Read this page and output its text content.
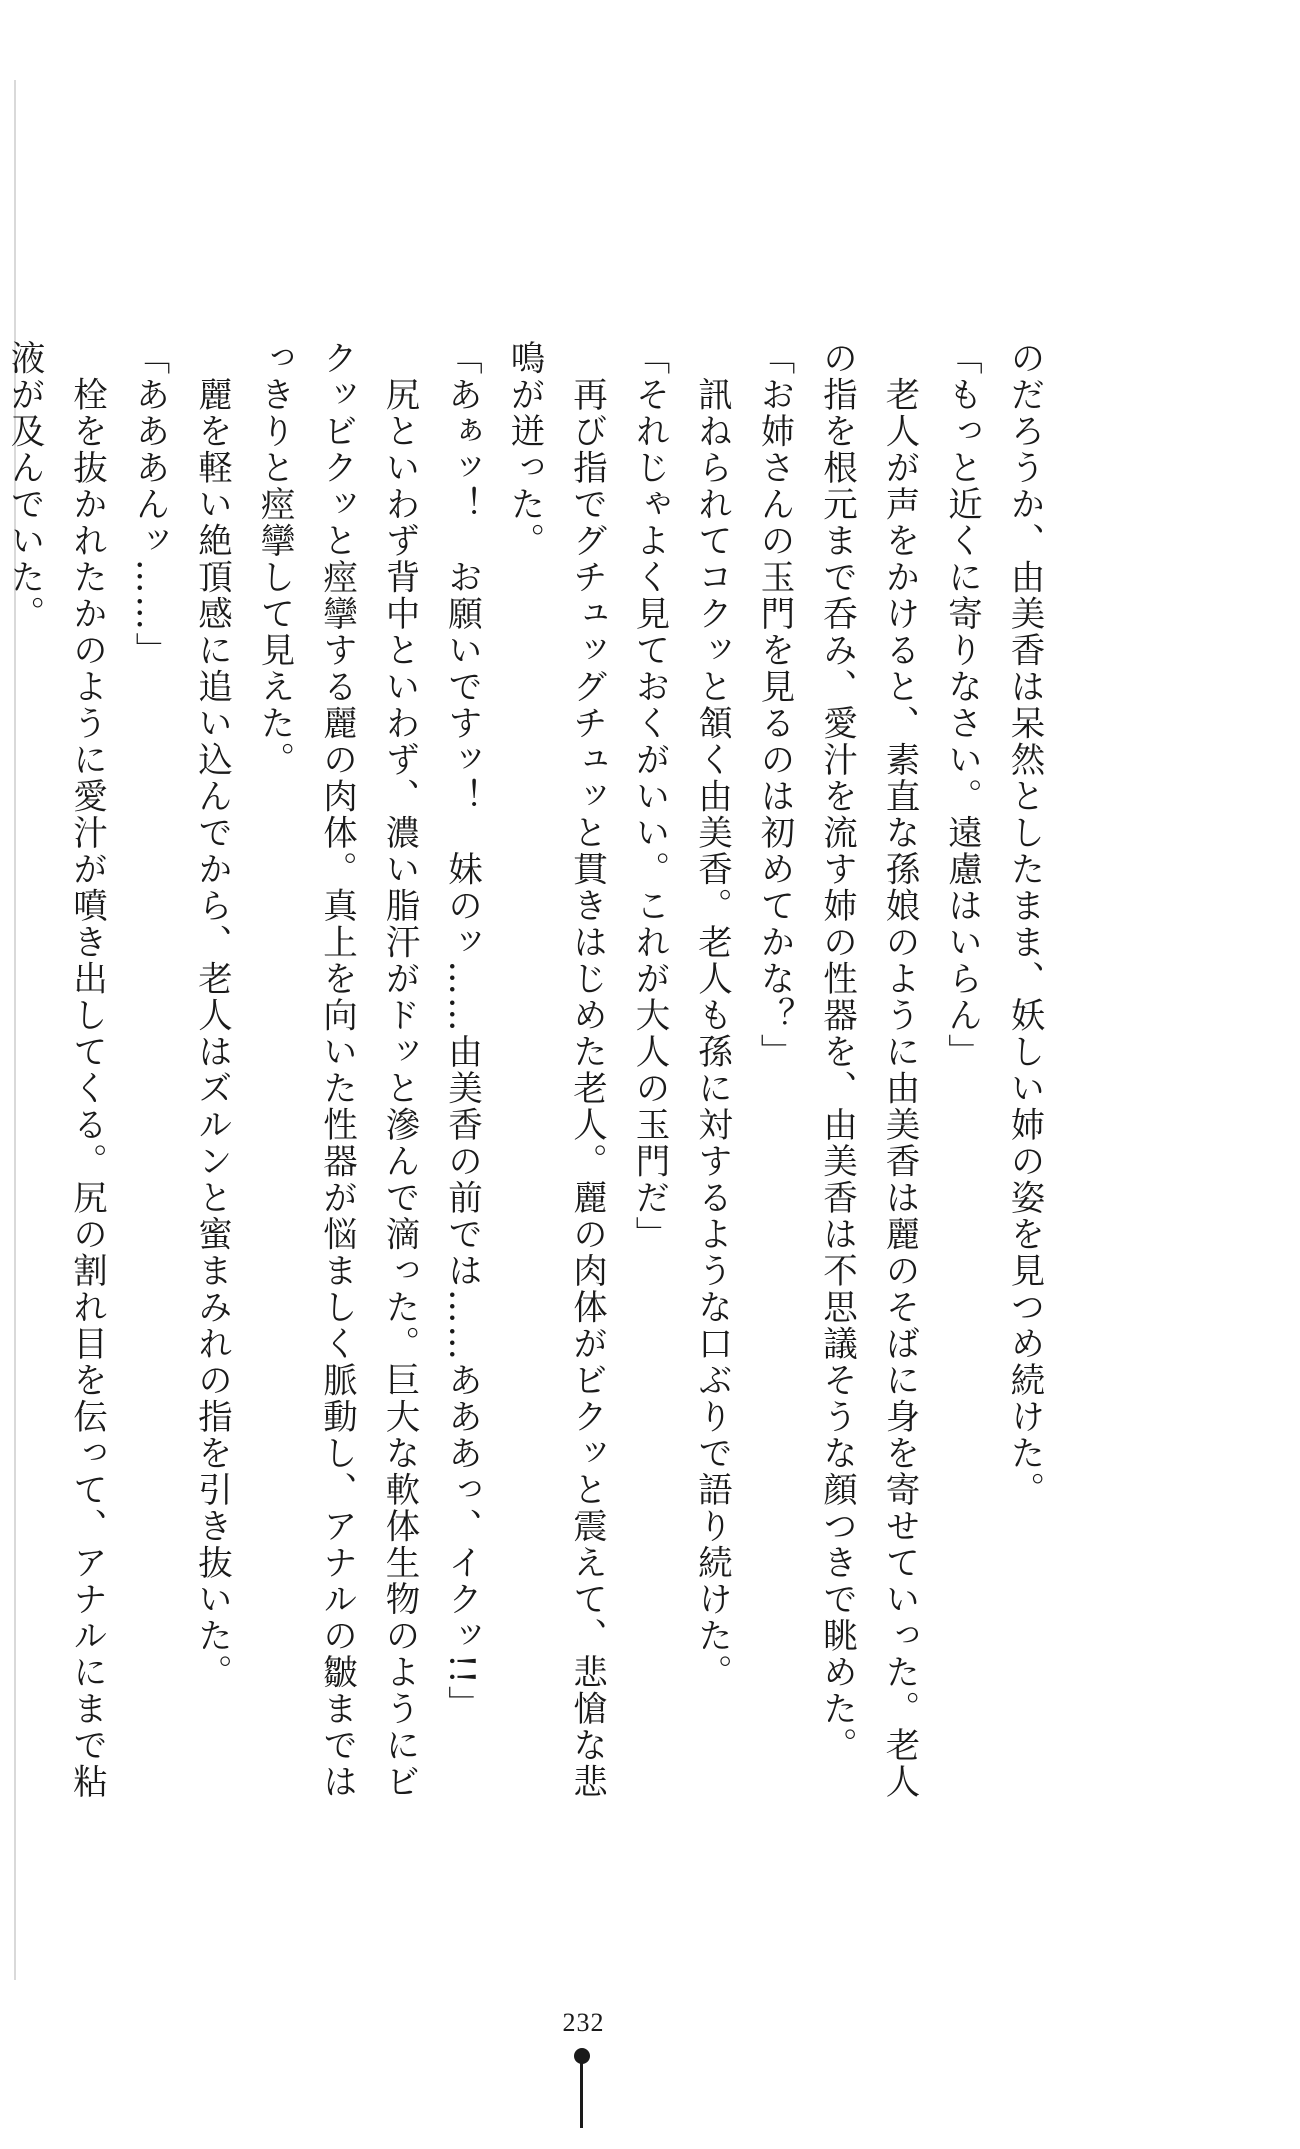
のだろうか、由美香は呆然としたまま、妖しい姉の姿を見つめ続けた。
「もっと近くに寄りなさい。遠慮はいらん」
　老人が声をかけると、素直な孫娘のように由美香は麗のそばに身を寄せていった。老人
の指を根元まで呑み、愛汁を流す姉の性器を、由美香は不思議そうな顔つきで眺めた。
「お姉さんの玉門を見るのは初めてかな？」
　訊ねられてコクッと頷く由美香。老人も孫に対するような口ぶりで語り続けた。
「それじゃよく見ておくがいい。これが大人の玉門だ」
　再び指でグチュッグチュッと貫きはじめた老人。麗の肉体がビクッと震えて、悲愴な悲
鳴が迸った。
「あぁッ！　お願いですッ！　妹のッ……由美香の前では……あああっ、イクッ!!」
　尻といわず背中といわず、濃い脂汗がドッと滲んで滴った。巨大な軟体生物のようにビ
クッビクッと痙攣する麗の肉体。真上を向いた性器が悩ましく脈動し、アナルの皺までは
っきりと痙攣して見えた。
　麗を軽い絶頂感に追い込んでから、老人はズルンと蜜まみれの指を引き抜いた。
「あああんッ……」
　栓を抜かれたかのように愛汁が噴き出してくる。尻の割れ目を伝って、アナルにまで粘
液が及んでいた。
232
